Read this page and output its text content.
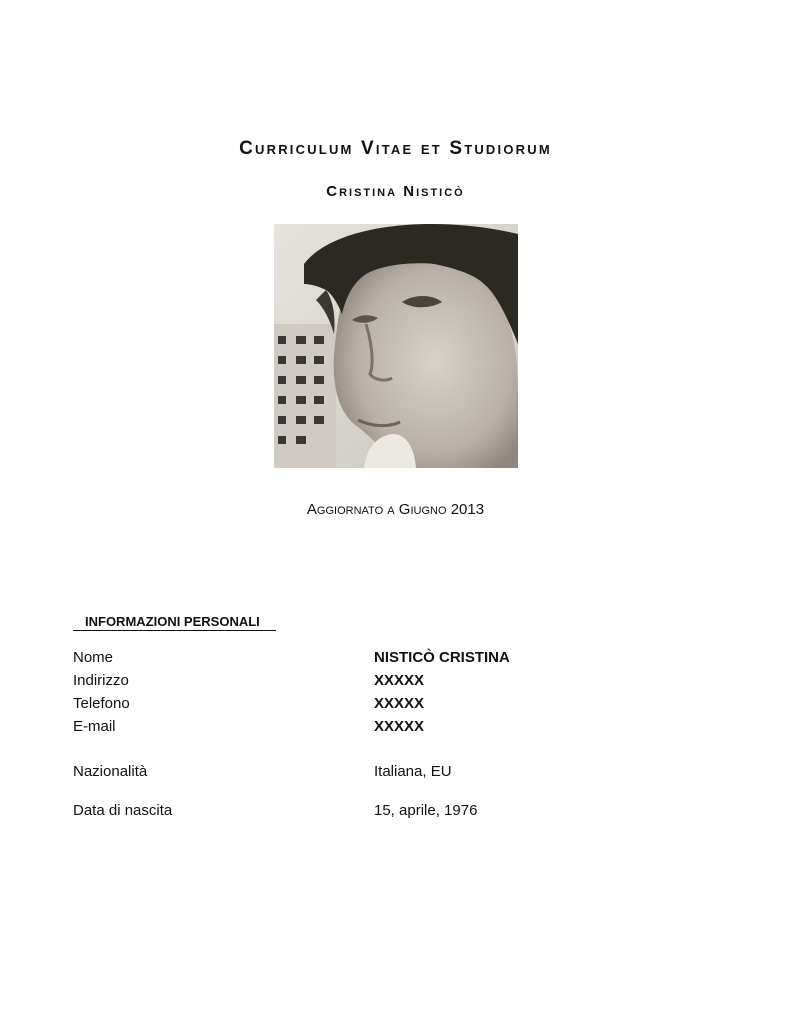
Curriculum Vitae et Studiorum
Cristina Nisticò
Aggiornato a Giugno 2013
INFORMAZIONI PERSONALI
Nome	NISTICÒ CRISTINA
Indirizzo	XXXXX
Telefono	XXXXX
E-mail	XXXXX
Nazionalità	Italiana, EU
Data di nascita	15, aprile, 1976
